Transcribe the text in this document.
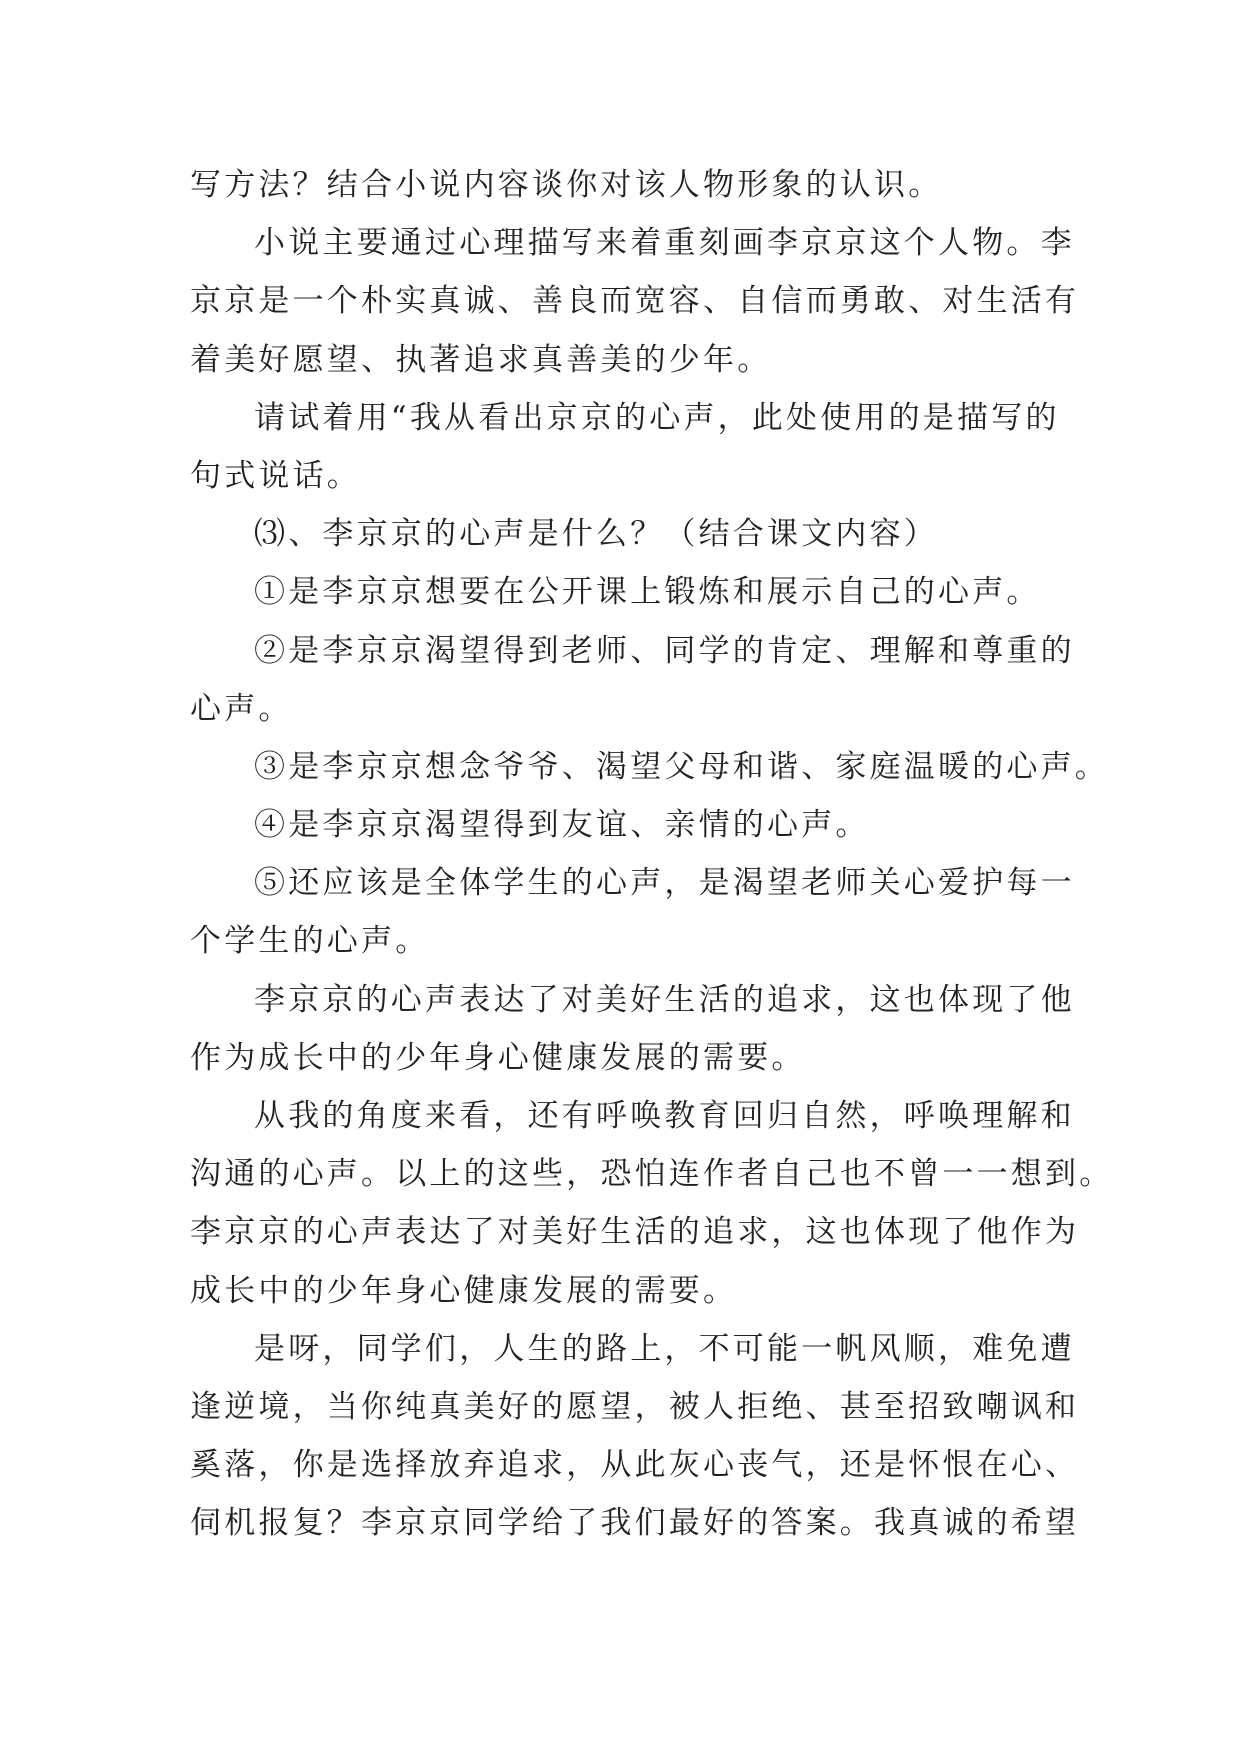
写方法？结合小说内容谈你对该人物形象的认识。
小说主要通过心理描写来着重刻画李京京这个人物。李
京京是一个朴实真诚、善良而宽容、自信而勇敢、对生活有
着美好愿望、执著追求真善美的少年。
请试着用“我从看出京京的心声，此处使用的是描写的
句式说话。
⑶、李京京的心声是什么？（结合课文内容）
①是李京京想要在公开课上锻炼和展示自己的心声。
②是李京京渴望得到老师、同学的肯定、理解和尊重的
心声。
③是李京京想念爷爷、渴望父母和谐、家庭温暖的心声。
④是李京京渴望得到友谊、亲情的心声。
⑤还应该是全体学生的心声，是渴望老师关心爱护每一
个学生的心声。
李京京的心声表达了对美好生活的追求，这也体现了他
作为成长中的少年身心健康发展的需要。
从我的角度来看，还有呼唤教育回归自然，呼唤理解和
沟通的心声。以上的这些，恐怕连作者自己也不曾一一想到。
李京京的心声表达了对美好生活的追求，这也体现了他作为
成长中的少年身心健康发展的需要。
是呀，同学们，人生的路上，不可能一帆风顺，难免遭
逢逆境，当你纯真美好的愿望，被人拒绝、甚至招致嘲讽和
奚落，你是选择放弃追求，从此灰心丧气，还是怀恨在心、
伺机报复？李京京同学给了我们最好的答案。我真诚的希望
